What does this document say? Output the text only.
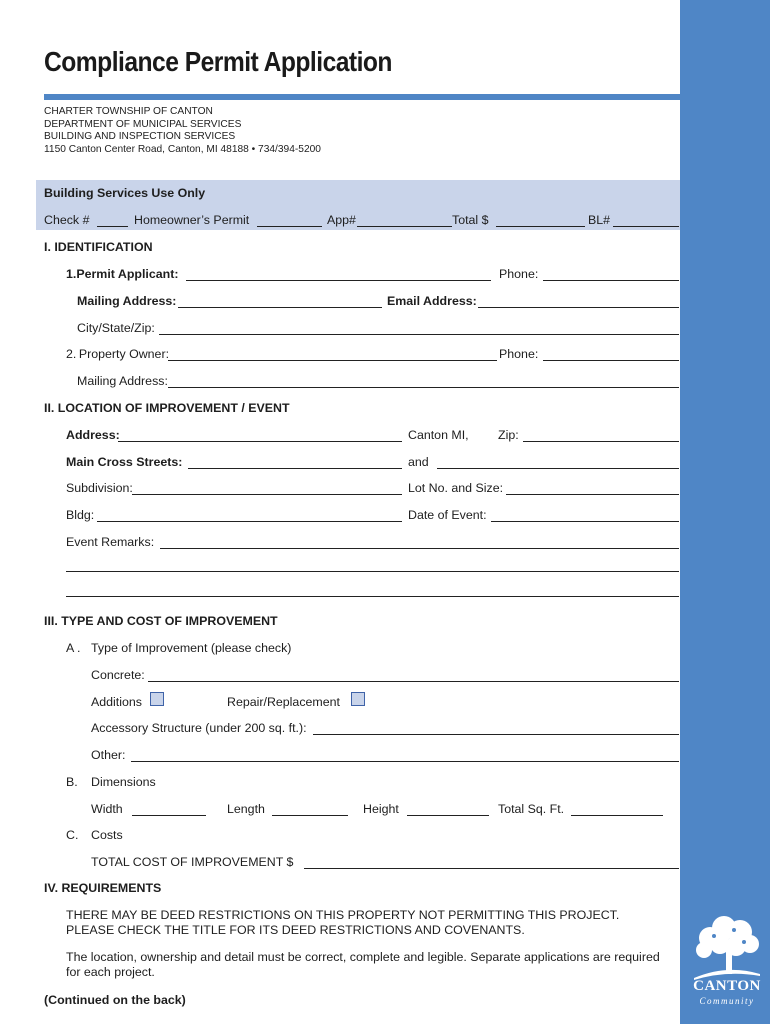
Compliance Permit Application
CHARTER TOWNSHIP OF CANTON
DEPARTMENT OF MUNICIPAL SERVICES
BUILDING AND INSPECTION SERVICES
1150 Canton Center Road, Canton, MI 48188 • 734/394-5200
Building Services Use Only
Check #	Homeowner’s Permit	App#	Total $	BL#
I. IDENTIFICATION
1.Permit Applicant:	Phone:
Mailing Address:	Email Address:
City/State/Zip:
2. Property Owner:	Phone:
Mailing Address:
II. LOCATION OF IMPROVEMENT / EVENT
Address:	Canton MI, Zip:
Main Cross Streets:	and
Subdivision:	Lot No. and Size:
Bldg:	Date of Event:
Event Remarks:
III. TYPE AND COST OF IMPROVEMENT
A . Type of Improvement (please check)
Concrete:
Additions	Repair/Replacement
Accessory Structure (under 200 sq. ft.):
Other:
B. Dimensions
Width	Length	Height	Total Sq. Ft.
C. Costs
TOTAL COST OF IMPROVEMENT $
IV. REQUIREMENTS
THERE MAY BE DEED RESTRICTIONS ON THIS PROPERTY NOT PERMITTING THIS PROJECT.
PLEASE CHECK THE TITLE FOR ITS DEED RESTRICTIONS AND COVENANTS.
The location, ownership and detail must be correct, complete and legible. Separate applications are required
for each project.
(Continued on the back)
CANTON
Community
